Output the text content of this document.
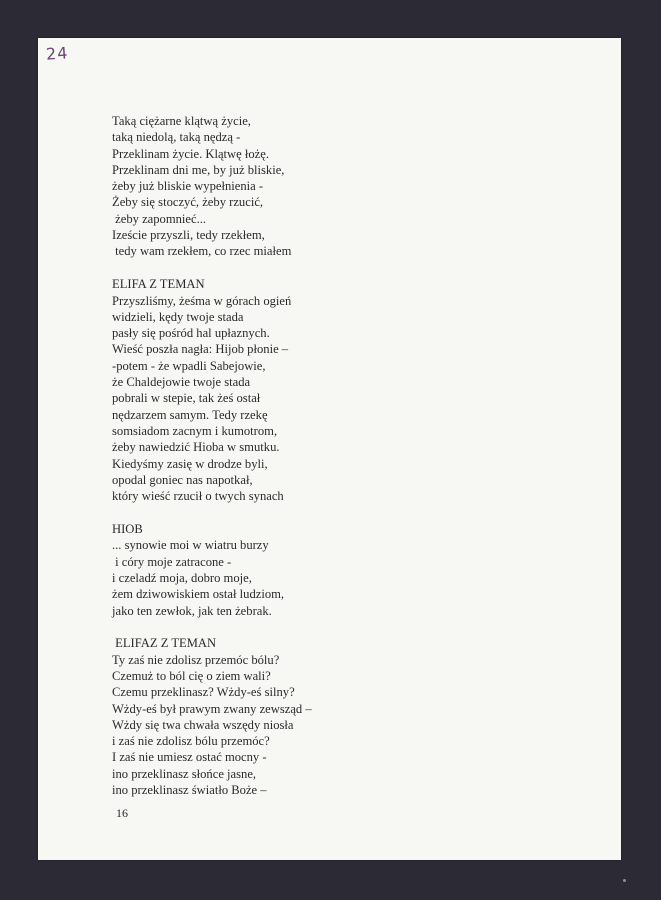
24
Taką ciężarne klątwą życie,
taką niedolą, taką nędzą -
Przeklinam życie. Klątwę łożę.
Przeklinam dni me, by już bliskie,
żeby już bliskie wypełnienia -
Żeby się stoczyć, żeby rzucić,
żeby zapomnieć...
Izeście przyszli, tedy rzekłem,
tedy wam rzekłem, co rzec miałem
ELIFA Z TEMAN
Przyszliśmy, żeśma w górach ogień
widzieli, kędy twoje stada
pasły się pośród hal upłaznych.
Wieść poszła nagła: Hijob płonie –
-potem - że wpadli Sabejowie,
że Chaldejowie twoje stada
pobrali w stepie, tak żeś ostał
nędzarzem samym. Tedy rzekę
somsiadom zacnym i kumotrom,
żeby nawiedzić Hioba w smutku.
Kiedyśmy zasię w drodze byli,
opodal goniec nas napotkał,
który wieść rzucił o twych synach
HIOB
... synowie moi w wiatru burzy
i córy moje zatracone -
i czeladź moja, dobro moje,
żem dziwowiskiem ostał ludziom,
jako ten zewłok, jak ten żebrak.
ELIFAZ Z TEMAN
Ty zaś nie zdolisz przemóc bólu?
Czemuż to ból cię o ziem wali?
Czemu przeklinasz? Wżdy-eś silny?
Wżdy-eś był prawym zwany zewsząd –
Wżdy się twa chwała wszędy niosła
i zaś nie zdolisz bólu przemóc?
I zaś nie umiesz ostać mocny -
ino przeklinasz słońce jasne,
ino przeklinasz światło Boże –
16
